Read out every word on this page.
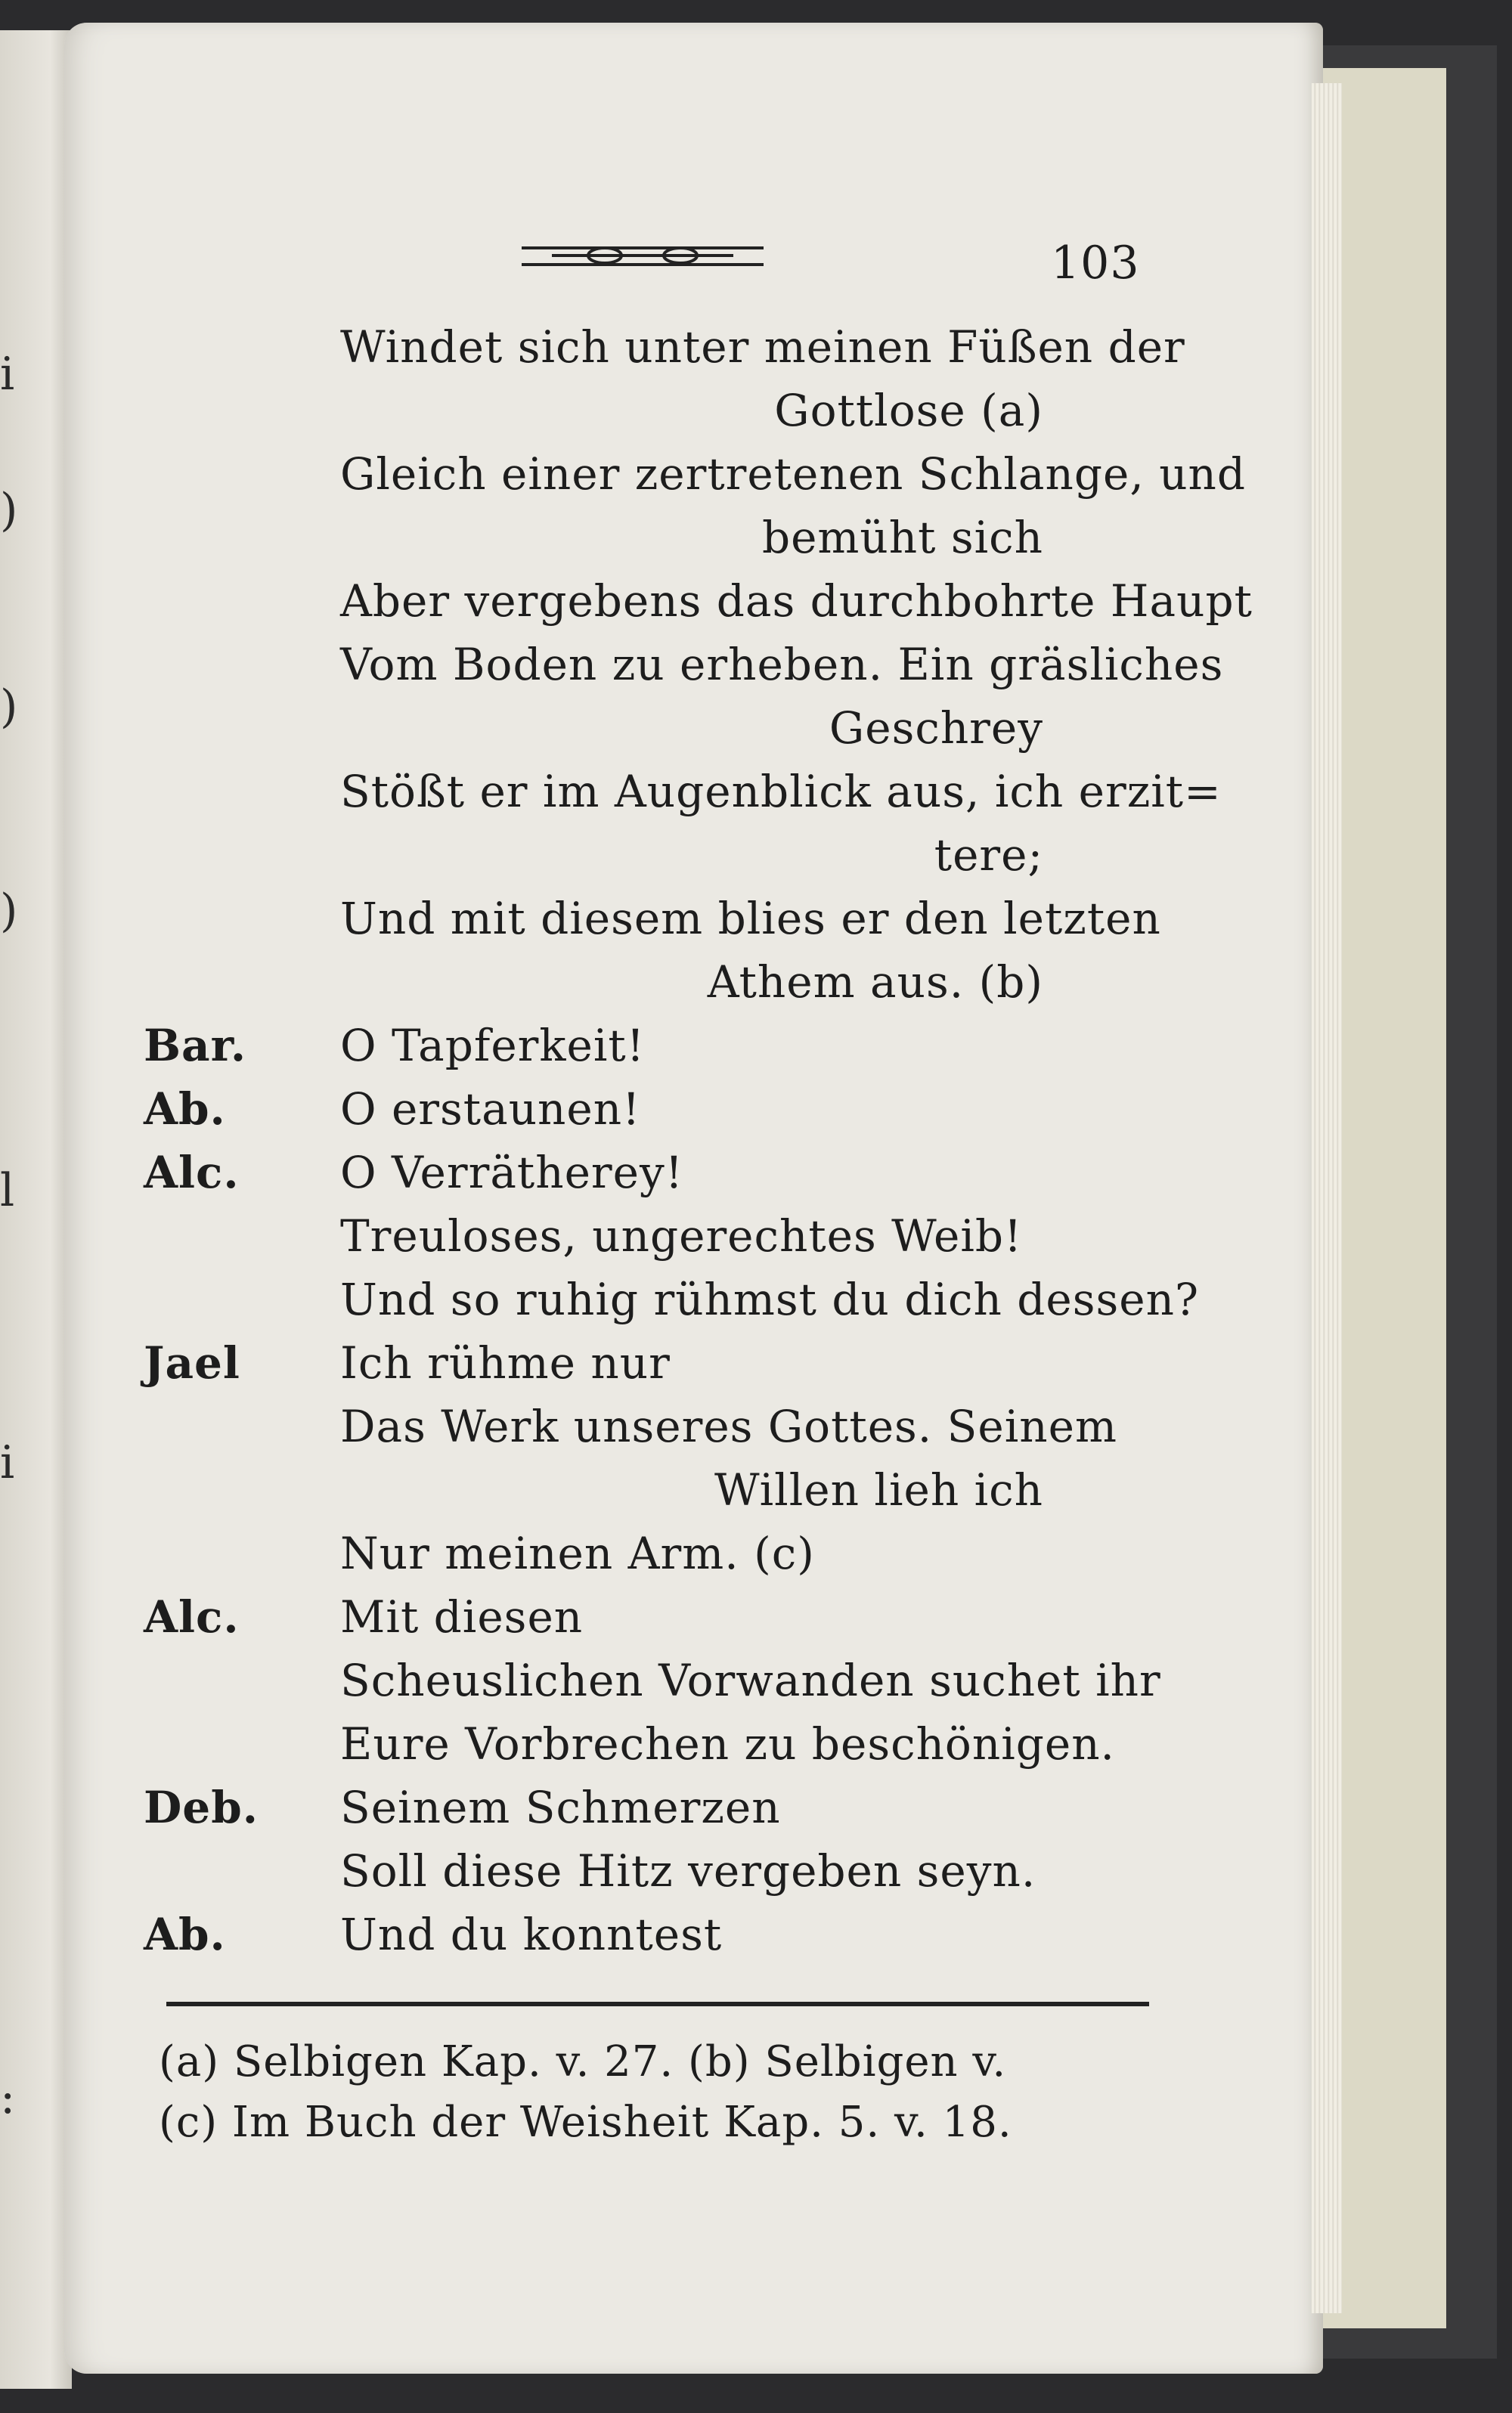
i
)
)
)
l
i
:
103
Windet sich unter meinen Füßen der
Gottlose (a)
Gleich einer zertretenen Schlange, und
bemüht sich
Aber vergebens das durchbohrte Haupt
Vom Boden zu erheben. Ein gräsliches
Geschrey
Stößt er im Augenblick aus, ich erzit=
tere;
Und mit diesem blies er den letzten
Athem aus. (b)
Bar. O Tapferkeit!
Ab.	O erstaunen!
Alc. O Verrätherey!
Treuloses, ungerechtes Weib!
Und so ruhig rühmst du dich dessen?
Jael Ich rühme nur
Das Werk unseres Gottes. Seinem
Willen lieh ich
Nur meinen Arm. (c)
Alc. Mit diesen
Scheuslichen Vorwanden suchet ihr
Eure Vorbrechen zu beschönigen.
Deb. Seinem Schmerzen
Soll diese Hitz vergeben seyn.
Ab.	Und du konntest
(a) Selbigen Kap. v. 27. (b) Selbigen v.
(c) Im Buch der Weisheit Kap. 5. v. 18.
